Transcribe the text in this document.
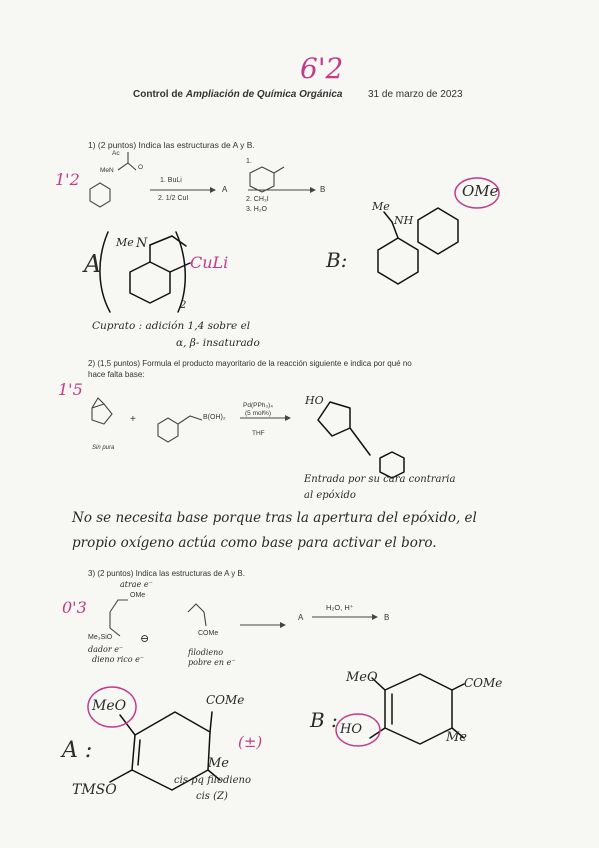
6'2
Control de Ampliación de Química Orgánica	31 de marzo de 2023
1) (2 puntos) Indica las estructuras de A y B.
1'2
Ac
MeN	O
1. BuLi
2. 1/2 CuI
A
1.
2. CH₃I
3. H₂O
B
A
Me N
CuLi
2
Me
NH
OMe
B:
Cuprato : adición 1,4 sobre el
α, β- insaturado
2) (1,5 puntos) Formula el producto mayoritario de la reacción siguiente e indica por qué no
hace falta base:
1'5
+	B(OH)₂
Pd(PPh₃)₄
(5 mol%)
THF
Sin pura
HO
Entrada por su cara contraria
al epóxido
No se necesita base porque tras la apertura del epóxido, el
propio oxígeno actúa como base para activar el boro.
3) (2 puntos) Indica las estructuras de A y B.
0'3
atrae e⁻
OMe
Me₃SiO	⊖
dador e⁻
dieno rico e⁻
COMe
filodieno
pobre en e⁻
A
H₂O, H⁺
B
A :
MeO	COMe
Me
(±)
TMSO
cis pq filodieno
cis (Z)
B :
MeO	COMe
HO
Me
